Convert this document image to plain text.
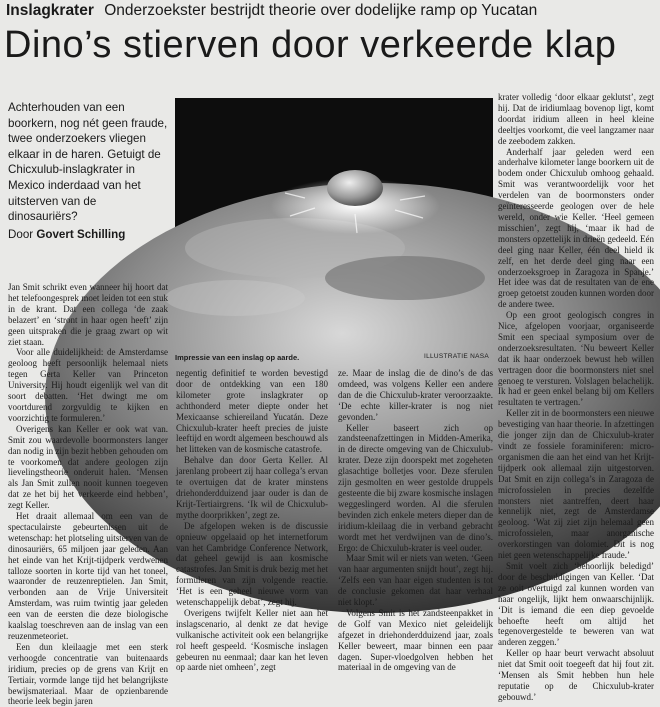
Inslagkrater Onderzoekster bestrijdt theorie over dodelijke ramp op Yucatan
Dino’s stierven door verkeerde klap
Achterhouden van een boorkern, nog nét geen fraude, twee onderzoekers vliegen elkaar in de haren. Getuigt de Chicxulub-inslagkrater in Mexico inderdaad van het uitsterven van de dinosauriërs?
Door Govert Schilling
Impressie van een inslag op aarde.	ILLUSTRATIE NASA

Jan Smit schrikt even wanneer hij hoort dat het telefoongesprek moet leiden tot een stuk in de krant. Dat een collega ‘de zaak belazert’ en ‘stront in haar ogen heeft’ zijn geen uitspraken die je graag zwart op wit ziet staan.

Voor alle duidelijkheid: de Amsterdamse geoloog heeft persoonlijk helemaal niets tegen Gerta Keller van Princeton University. Hij houdt eigenlijk wel van dit soort debatten. ‘Het dwingt me om voortdurend zorgvuldig te kijken en voorzichtig te formuleren.’

Overigens kan Keller er ook wat van. Smit zou waardevolle boormonsters langer dan nodig in zijn bezit hebben gehouden om te voorkomen dat andere geologen zijn lievelingstheorie onderuit halen. ‘Mensen als Jan Smit zullen nooit kunnen toegeven dat ze het bij het verkeerde eind hebben’, zegt Keller.

Het draait allemaal om een van de spectaculairste gebeurtenissen uit de wetenschap: het plotseling uitsterven van de dinosauriërs, 65 miljoen jaar geleden. Aan het einde van het Krijt-tijdperk verdwenen talloze soorten in korte tijd van het toneel, waaronder de reuzenreptielen. Jan Smit, verbonden aan de Vrije Universiteit Amsterdam, was ruim twintig jaar geleden een van de eersten die deze biologische kaalslag toeschreven aan de inslag van een reuzenmeteoriet.

Een dun kleilaagje met een sterk verhoogde concentratie van buitenaards iridium, precies op de grens van Krijt en Tertiair, vormde lange tijd het belangrijkste bewijsmateriaal. Maar de opzienbarende theorie leek begin jaren

negentig definitief te worden bevestigd door de ontdekking van een 180 kilometer grote inslagkrater op achthonderd meter diepte onder het Mexicaanse schiereiland Yucatán. Deze Chicxulub-krater heeft precies de juiste leeftijd en wordt algemeen beschouwd als het litteken van de kosmische catastrofe.

Behalve dan door Gerta Keller. Al jarenlang probeert zij haar collega’s ervan te overtuigen dat de krater minstens driehonderdduizend jaar ouder is dan de Krijt-Tertiairgrens. ‘Ik wil de Chicxulub-mythe doorprikken’, zegt ze.

De afgelopen weken is de discussie opnieuw opgelaaid op het internetforum van het Cambridge Conference Network, dat geheel gewijd is aan kosmische catastrofes. Jan Smit is druk bezig met het formuleren van zijn volgende reactie. ‘Het is een geheel nieuwe vorm van wetenschappelijk debat’, zegt hij.

Overigens twijfelt Keller niet aan het inslagscenario, al denkt ze dat hevige vulkanische activiteit ook een belangrijke rol heeft gespeeld. ‘Kosmische inslagen gebeuren nu eenmaal; daar kan het leven op aarde niet omheen’, zegt

ze. Maar de inslag die de dino’s de das omdeed, was volgens Keller een andere dan de die Chicxulub-krater veroorzaakte. ‘De echte killer-krater is nog niet gevonden.’

Keller baseert zich op zandsteenafzettingen in Midden-Amerika, in de directe omgeving van de Chicxulub-krater. Deze zijn doorspekt met zogeheten glasachtige bolletjes voor. Deze sferulen zijn gesmolten en weer gestolde druppels gesteente die bij zware kosmische inslagen weggeslingerd worden. Al die sferulen bevinden zich enkele meters dieper dan de iridium-kleilaag die in verband gebracht wordt met het verdwijnen van de dino’s. Ergo: de Chicxulub-krater is veel ouder.

Maar Smit wil er niets van weten. ‘Geen van haar argumenten snijdt hout’, zegt hij. ‘Zelfs een van haar eigen studenten is tot de conclusie gekomen dat haar verhaal niet klopt.’

Volgens Smit is het zandsteenpakket in de Golf van Mexico niet geleidelijk afgezet in driehonderdduizend jaar, zoals Keller beweert, maar binnen een paar dagen. Super-vloedgolven hebben het materiaal in de omgeving van de

krater volledig ‘door elkaar geklutst’, zegt hij. Dat de iridiumlaag bovenop ligt, komt doordat iridium alleen in heel kleine deeltjes voorkomt, die veel langzamer naar de zeebodem zakken.

Anderhalf jaar geleden werd een anderhalve kilometer lange boorkern uit de bodem onder Chicxulub omhoog gehaald. Smit was verantwoordelijk voor het verdelen van de boormonsters onder geïnteresseerde geologen over de hele wereld, onder wie Keller. ‘Heel gemeen misschien’, zegt hij, ‘maar ik had de monsters opzettelijk in drieën gedeeld. Eén deel ging naar Keller, één deel hield ik zelf, en het derde deel ging naar een onderzoeksgroep in Zaragoza in Spanje.’ Het idee was dat de resultaten van de ene groep getoetst zouden kunnen worden door de andere twee.

Op een groot geologisch congres in Nice, afgelopen voorjaar, organiseerde Smit een speciaal symposium over de onderzoeksresultaten. ‘Nu beweert Keller dat ik haar onderzoek bewust heb willen vertragen door die boormonsters niet snel genoeg te versturen. Volslagen belachelijk. Ik had er geen enkel belang bij om Kellers resultaten te vertragen.’

Keller zit in de boormonsters een nieuwe bevestiging van haar theorie. In afzettingen die jonger zijn dan de Chicxulub-krater vindt ze fossiele foraminiferen: micro-organismen die aan het eind van het Krijt-tijdperk ook allemaal zijn uitgestorven. Dat Smit en zijn collega’s in Zaragoza de microfossielen in precies dezelfde monsters niet aantreffen, deert haar kennelijk niet, zegt de Amsterdamse geoloog. ‘Wat zij ziet zijn helemaal geen microfossielen, maar anorganische overkorstingen van dolomiet. Dit is nog niet geen wetenschappelijke fraude.’

Smit voelt zich ‘behoorlijk beledigd’ door de beschuldigingen van Keller. ‘Dat ze ooit overtuigd zal kunnen worden van haar ongelijk, lijkt hem onwaarschijnlijk. ‘Dit is iemand die een diep gevoelde behoefte heeft om altijd het tegenovergestelde te beweren van wat anderen zeggen.’

Keller op haar beurt verwacht absoluut niet dat Smit ooit toegeeft dat hij fout zit. ‘Mensen als Smit hebben hun hele reputatie op de Chicxulub-krater gebouwd.’
